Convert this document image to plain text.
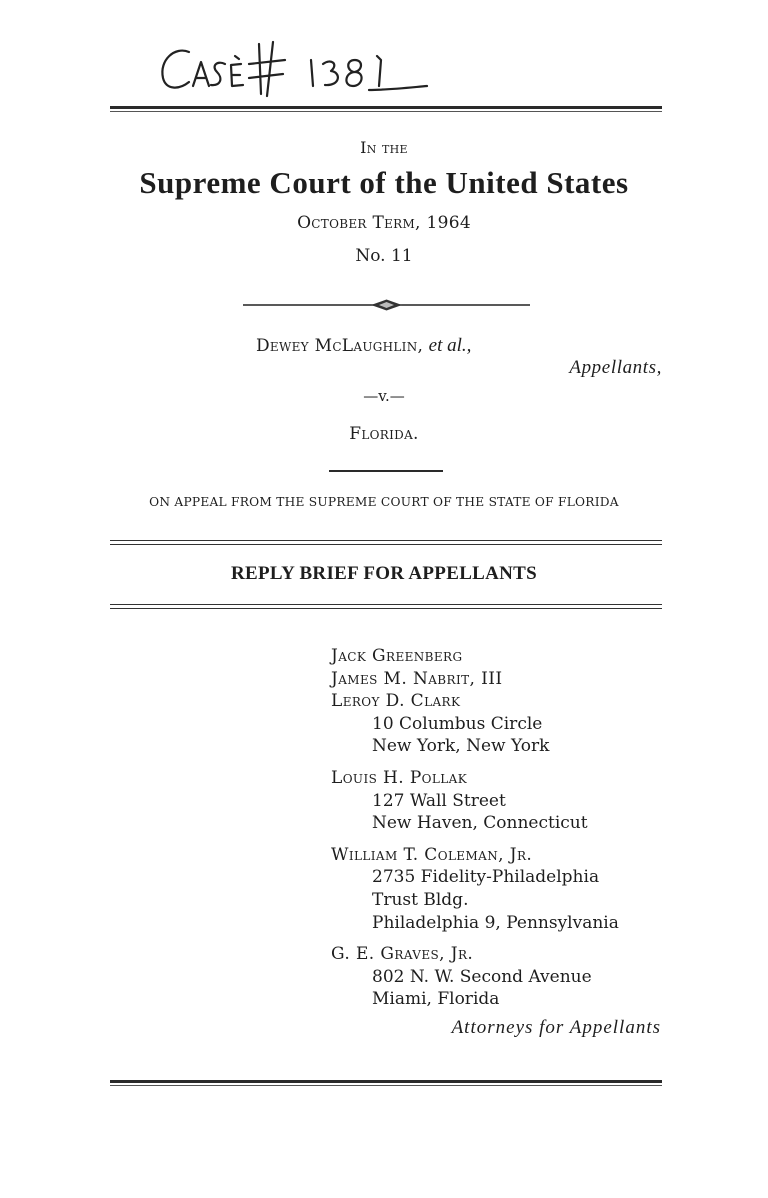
In the
Supreme Court of the United States
October Term, 1964
No. 11
Dewey McLaughlin, et al.,
Appellants,
—v.—
Florida.
ON APPEAL FROM THE SUPREME COURT OF THE STATE OF FLORIDA
REPLY BRIEF FOR APPELLANTS
Jack Greenberg
James M. Nabrit, III
Leroy D. Clark
10 Columbus Circle
New York, New York
Louis H. Pollak
127 Wall Street
New Haven, Connecticut
William T. Coleman, Jr.
2735 Fidelity-Philadelphia
Trust Bldg.
Philadelphia 9, Pennsylvania
G. E. Graves, Jr.
802 N. W. Second Avenue
Miami, Florida
Attorneys for Appellants
